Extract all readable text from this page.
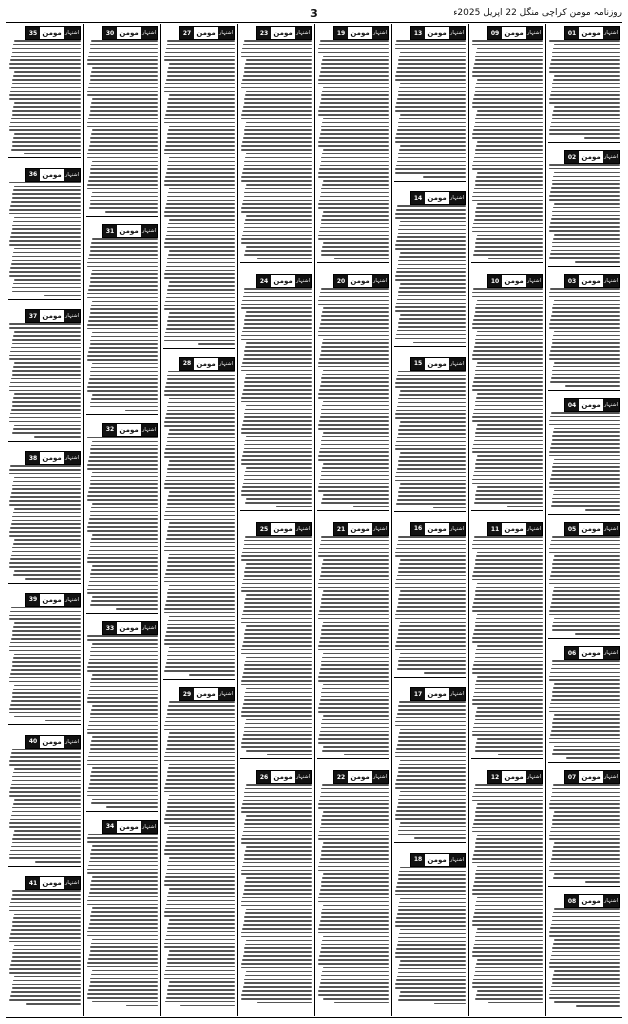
روزنامہ مومن کراچی منگل 22 اپریل 2025ء
3
35 مومن اشتہار
36 مومن اشتہار
37 مومن اشتہار
38 مومن اشتہار
39 مومن اشتہار
40 مومن اشتہار
41 مومن اشتہار
30 مومن اشتہار
31 مومن اشتہار
32 مومن اشتہار
33 مومن اشتہار
34 مومن اشتہار
27 مومن اشتہار
28 مومن اشتہار
29 مومن اشتہار
23 مومن اشتہار
24 مومن اشتہار
25 مومن اشتہار
26 مومن اشتہار
19 مومن اشتہار
20 مومن اشتہار
21 مومن اشتہار
22 مومن اشتہار
13 مومن اشتہار
14 مومن اشتہار
15 مومن اشتہار
16 مومن اشتہار
17 مومن اشتہار
18 مومن اشتہار
09 مومن اشتہار
10 مومن اشتہار
11 مومن اشتہار
12 مومن اشتہار
01 مومن اشتہار
02 مومن اشتہار
03 مومن اشتہار
04 مومن اشتہار
05 مومن اشتہار
06 مومن اشتہار
07 مومن اشتہار
08 مومن اشتہار
